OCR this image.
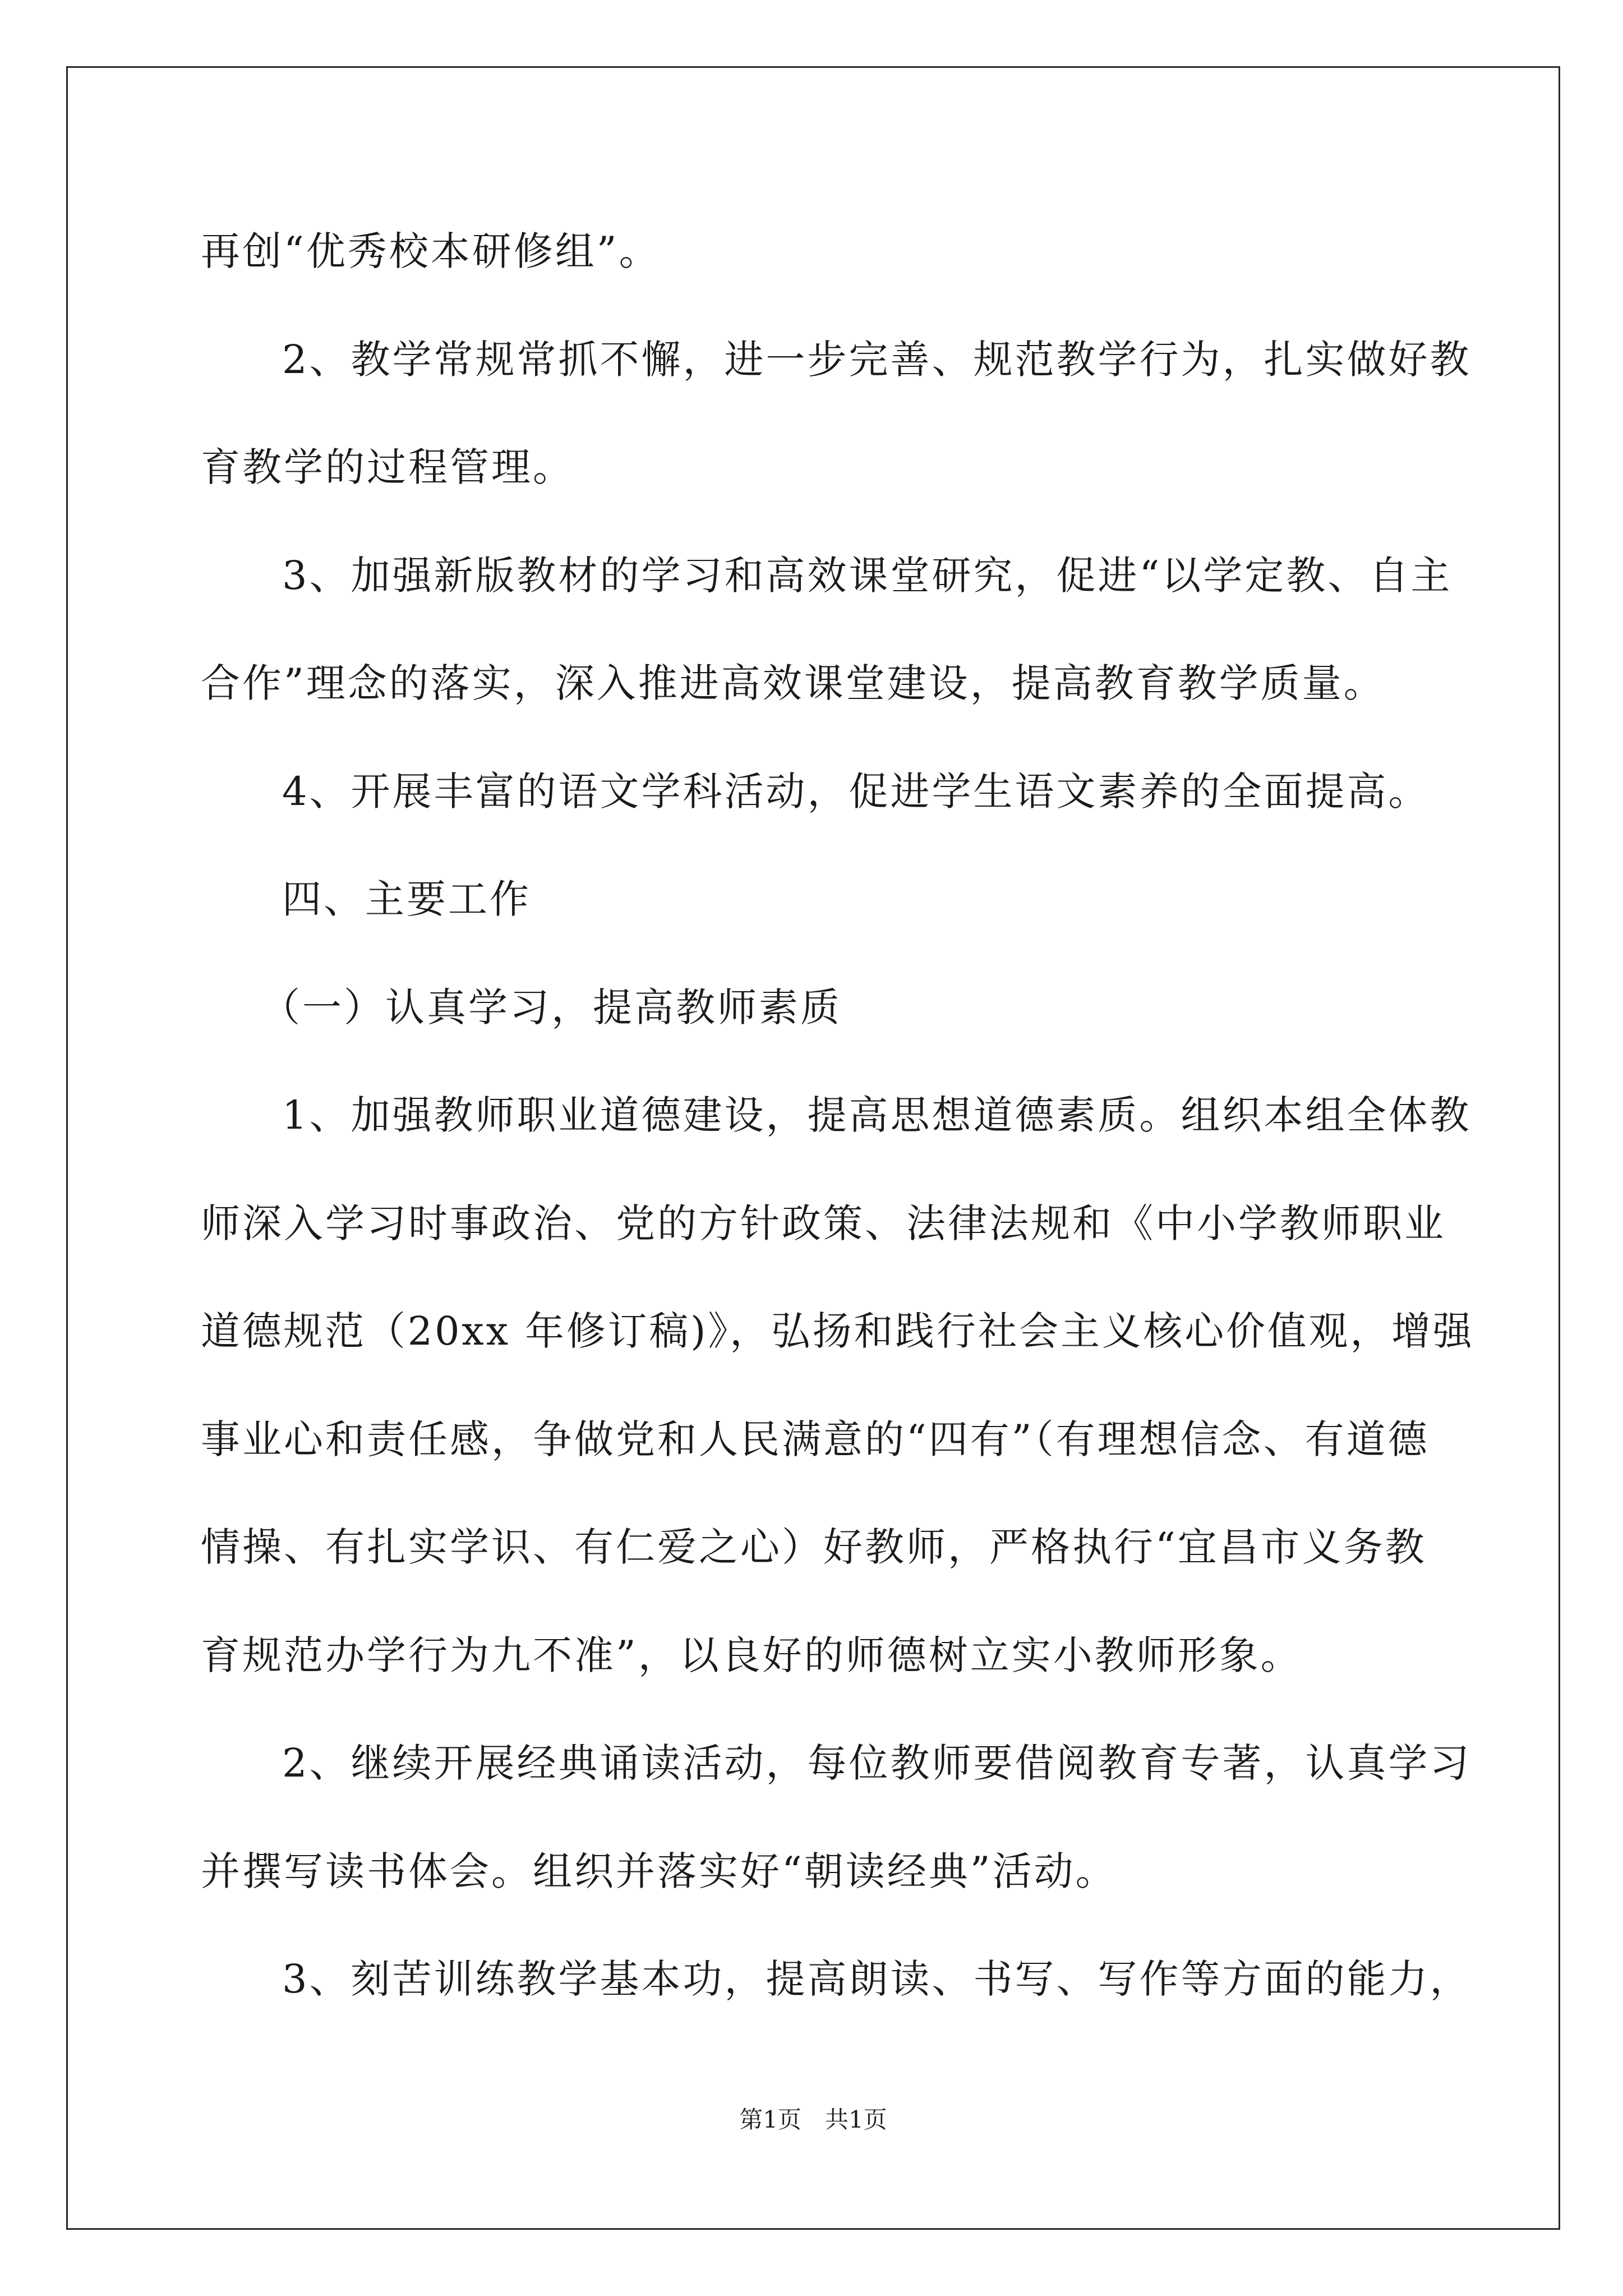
再创“优秀校本研修组”。
2、教学常规常抓不懈，进一步完善、规范教学行为，扎实做好教
育教学的过程管理。
3、加强新版教材的学习和高效课堂研究，促进“以学定教、自主
合作”理念的落实，深入推进高效课堂建设，提高教育教学质量。
4、开展丰富的语文学科活动，促进学生语文素养的全面提高。
四、主要工作
（一）认真学习，提高教师素质
1、加强教师职业道德建设，提高思想道德素质。组织本组全体教
师深入学习时事政治、党的方针政策、法律法规和《中小学教师职业
道德规范（20xx 年修订稿)》，弘扬和践行社会主义核心价值观，增强
事业心和责任感，争做党和人民满意的“四有”（有理想信念、有道德
情操、有扎实学识、有仁爱之心）好教师，严格执行“宜昌市义务教
育规范办学行为九不准”，以良好的师德树立实小教师形象。
2、继续开展经典诵读活动，每位教师要借阅教育专著，认真学习
并撰写读书体会。组织并落实好“朝读经典”活动。
3、刻苦训练教学基本功，提高朗读、书写、写作等方面的能力，
第1页　共1页
